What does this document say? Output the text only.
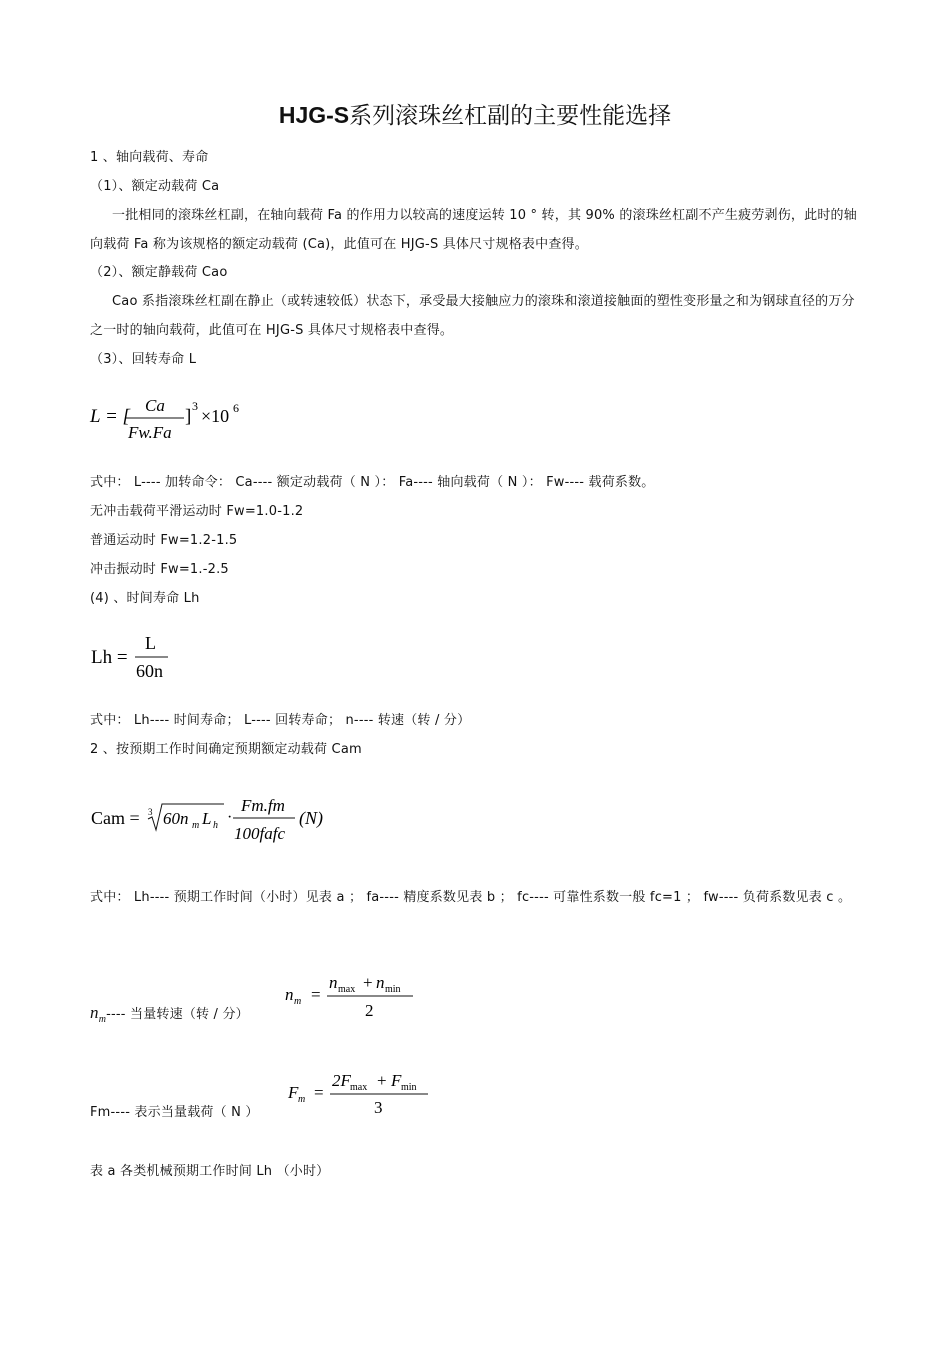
HJG-S系列滚珠丝杠副的主要性能选择
1 、轴向载荷、寿命
（1）、额定动载荷 Ca
一批相同的滚珠丝杠副，在轴向载荷 Fa 的作用力以较高的速度运转 10 ° 转，其 90% 的滚珠丝杠副不产生疲劳剥伤，此时的轴向载荷 Fa 称为该规格的额定动载荷 (Ca)，此值可在 HJG-S 具体尺寸规格表中查得。
（2）、额定静载荷 Cao
Cao 系指滚珠丝杠副在静止（或转速较低）状态下，承受最大接触应力的滚珠和滚道接触面的塑性变形量之和为钢球直径的万分之一时的轴向载荷，此值可在 HJG-S 具体尺寸规格表中查得。
（3）、回转寿命 L
L = [
Ca
Fw.Fa
] 3 ×10 6
式中： L---- 加转命令： Ca---- 额定动载荷（ N ）： Fa---- 轴向载荷（ N ）： Fw---- 载荷系数。
无冲击载荷平滑运动时 Fw=1.0-1.2
普通运动时 Fw=1.2-1.5
冲击振动时 Fw=1.-2.5
(4) 、时间寿命 Lh
Lh =
L
60n
式中： Lh---- 时间寿命； L---- 回转寿命； n---- 转速（转 / 分）
2 、按预期工作时间确定预期额定动载荷 Cam
Cam = 3 60n m L h ·
Fm.fm
100fafc
(N)
式中： Lh---- 预期工作时间（小时）见表 a ； fa---- 精度系数见表 b ； fc---- 可靠性系数一般 fc=1 ； fw---- 负荷系数见表 c 。
$n_m----$ 当量转速（转 / 分）
n m =
n max + n min
2
Fm---- 表示当量载荷（ N ）
F m =
2F max + F min
3
表 a 各类机械预期工作时间 Lh （小时）
